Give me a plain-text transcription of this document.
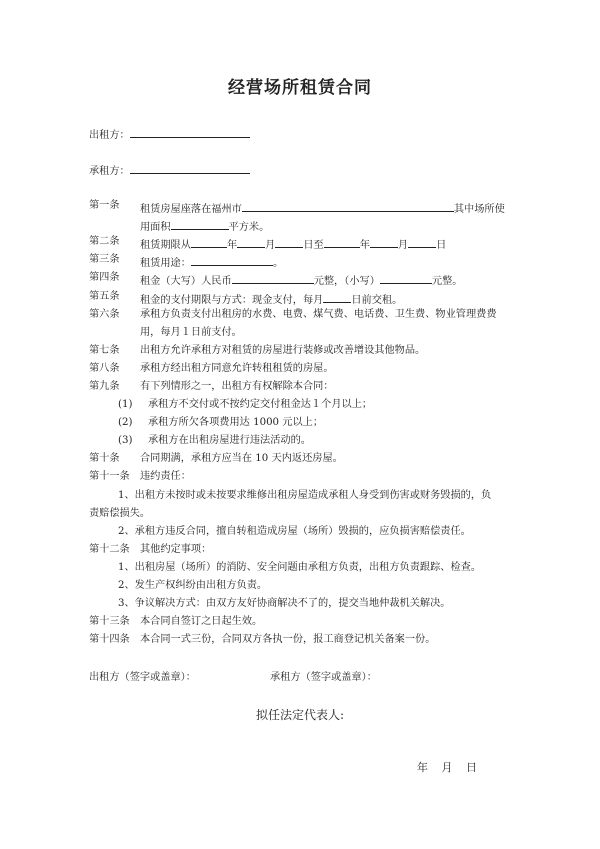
经营场所租赁合同
出租方：
承租方：
第一条 租赁房屋座落在福州市	其中场所使
用面积	平方米。
第二条 租赁期限从	年	月	日至	年	月	日
第三条 租赁用途：	。
第四条 租金（大写）人民币	元整，（小写）	元整。
第五条 租金的支付期限与方式：现金支付，每月	日前交租。
第六条 承租方负责支付出租房的水费、电费、煤气费、电话费、卫生费、物业管理费费
用，每月１日前支付。
第七条 出租方允许承租方对租赁的房屋进行装修或改善增设其他物品。
第八条 承租方经出租方同意允许转租租赁的房屋。
第九条 有下列情形之一，出租方有权解除本合同：
(1) 承租方不交付或不按约定交付租金达１个月以上；
(2) 承租方所欠各项费用达 1000 元以上；
(3) 承租方在出租房屋进行违法活动的。
第十条 合同期满，承租方应当在 10 天内返还房屋。
第十一条 违约责任：
1、出租方未按时或未按要求维修出租房屋造成承租人身受到伤害或财务毁损的，负
责赔偿损失。
2、承租方违反合同，擅自转租造成房屋（场所）毁损的，应负损害赔偿责任。
第十二条 其他约定事项：
1、出租房屋（场所）的消防、安全问题由承租方负责，出租方负责跟踪、检查。
2、发生产权纠纷由出租方负责。
3、争议解决方式：由双方友好协商解决不了的，提交当地仲裁机关解决。
第十三条 本合同自签订之日起生效。
第十四条 本合同一式三份，合同双方各执一份，报工商登记机关备案一份。
出租方（签字或盖章）：	承租方（签字或盖章）：
拟任法定代表人:
年 月 日
